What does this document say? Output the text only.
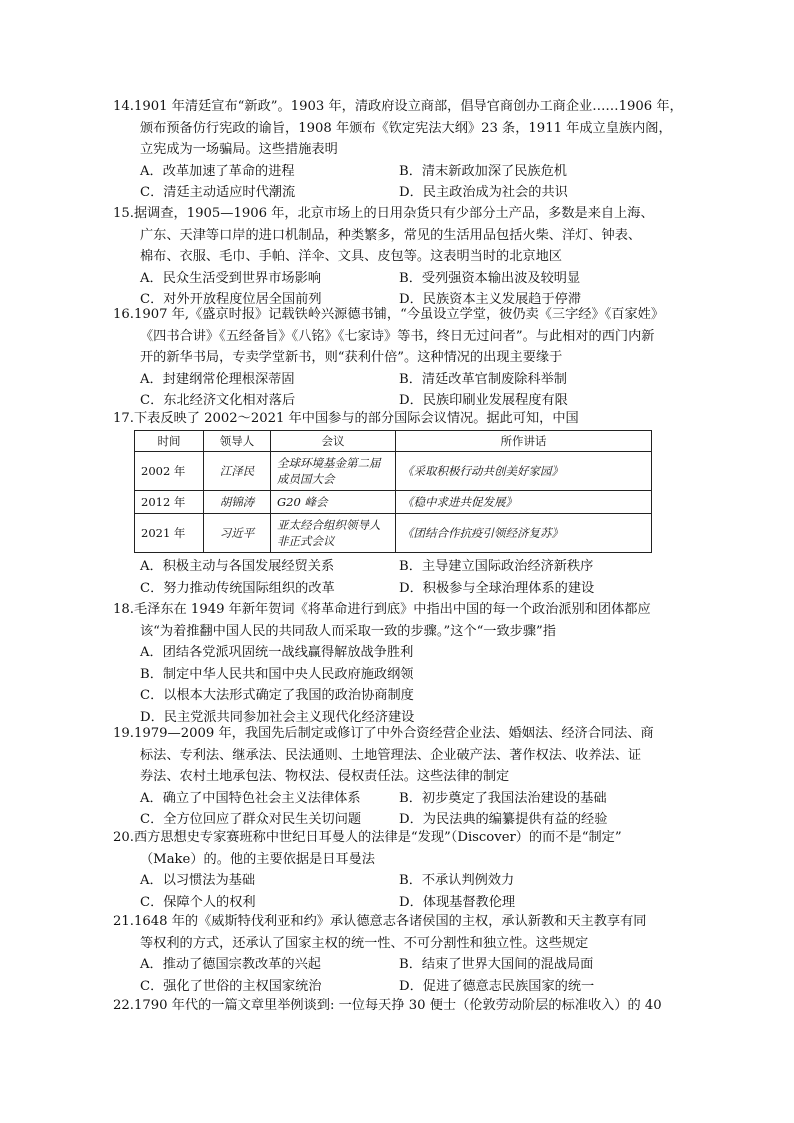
14.1901 年清廷宣布“新政”。1903 年，清政府设立商部，倡导官商创办工商企业……1906 年，
颁布预备仿行宪政的谕旨，1908 年颁布《钦定宪法大纲》23 条，1911 年成立皇族内阁，
立宪成为一场骗局。这些措施表明
A．改革加速了革命的进程	B．清末新政加深了民族危机
C．清廷主动适应时代潮流	D．民主政治成为社会的共识
15.据调查，1905—1906 年，北京市场上的日用杂货只有少部分土产品，多数是来自上海、
广东、天津等口岸的进口机制品，种类繁多，常见的生活用品包括火柴、洋灯、钟表、
棉布、衣服、毛巾、手帕、洋伞、文具、皮包等。这表明当时的北京地区
A．民众生活受到世界市场影响	B．受列强资本输出波及较明显
C．对外开放程度位居全国前列	D．民族资本主义发展趋于停滞
16.1907 年,《盛京时报》记载铁岭兴源德书铺，“今虽设立学堂，彼仍卖《三字经》《百家姓》
《四书合讲》《五经备旨》《八铭》《七家诗》等书，终日无过问者”。与此相对的西门内新
开的新华书局，专卖学堂新书，则“获利什倍”。这种情况的出现主要缘于
A．封建纲常伦理根深蒂固	B．清廷改革官制废除科举制
C．东北经济文化相对落后	D．民族印刷业发展程度有限
17.下表反映了 2002～2021 年中国参与的部分国际会议情况。据此可知，中国
时间	领导人	会议	所作讲话
2002 年	江泽民	全球环境基金第二届成员国大会	《采取积极行动共创美好家园》
2012 年	胡锦涛	G20 峰会	《稳中求进共促发展》
2021 年	习近平	亚太经合组织领导人非正式会议	《团结合作抗疫引领经济复苏》
A．积极主动与各国发展经贸关系	B．主导建立国际政治经济新秩序
C．努力推动传统国际组织的改革	D．积极参与全球治理体系的建设
18.毛泽东在 1949 年新年贺词《将革命进行到底》中指出中国的每一个政治派别和团体都应
该“为着推翻中国人民的共同敌人而采取一致的步骤。”这个“一致步骤”指
A．团结各党派巩固统一战线赢得解放战争胜利
B．制定中华人民共和国中央人民政府施政纲领
C．以根本大法形式确定了我国的政治协商制度
D．民主党派共同参加社会主义现代化经济建设
19.1979—2009 年，我国先后制定或修订了中外合资经营企业法、婚姻法、经济合同法、商
标法、专利法、继承法、民法通则、土地管理法、企业破产法、著作权法、收养法、证
券法、农村土地承包法、物权法、侵权责任法。这些法律的制定
A．确立了中国特色社会主义法律体系	B．初步奠定了我国法治建设的基础
C．全方位回应了群众对民生关切问题	D．为民法典的编纂提供有益的经验
20.西方思想史专家赛班称中世纪日耳曼人的法律是“发现”（Discover）的而不是“制定”
（Make）的。他的主要依据是日耳曼法
A．以习惯法为基础	B．不承认判例效力
C．保障个人的权利	D．体现基督教伦理
21.1648 年的《威斯特伐利亚和约》承认德意志各诸侯国的主权，承认新教和天主教享有同
等权利的方式，还承认了国家主权的统一性、不可分割性和独立性。这些规定
A．推动了德国宗教改革的兴起	B．结束了世界大国间的混战局面
C．强化了世俗的主权国家统治	D．促进了德意志民族国家的统一
22.1790 年代的一篇文章里举例谈到: 一位每天挣 30 便士（伦敦劳动阶层的标准收入）的 40
